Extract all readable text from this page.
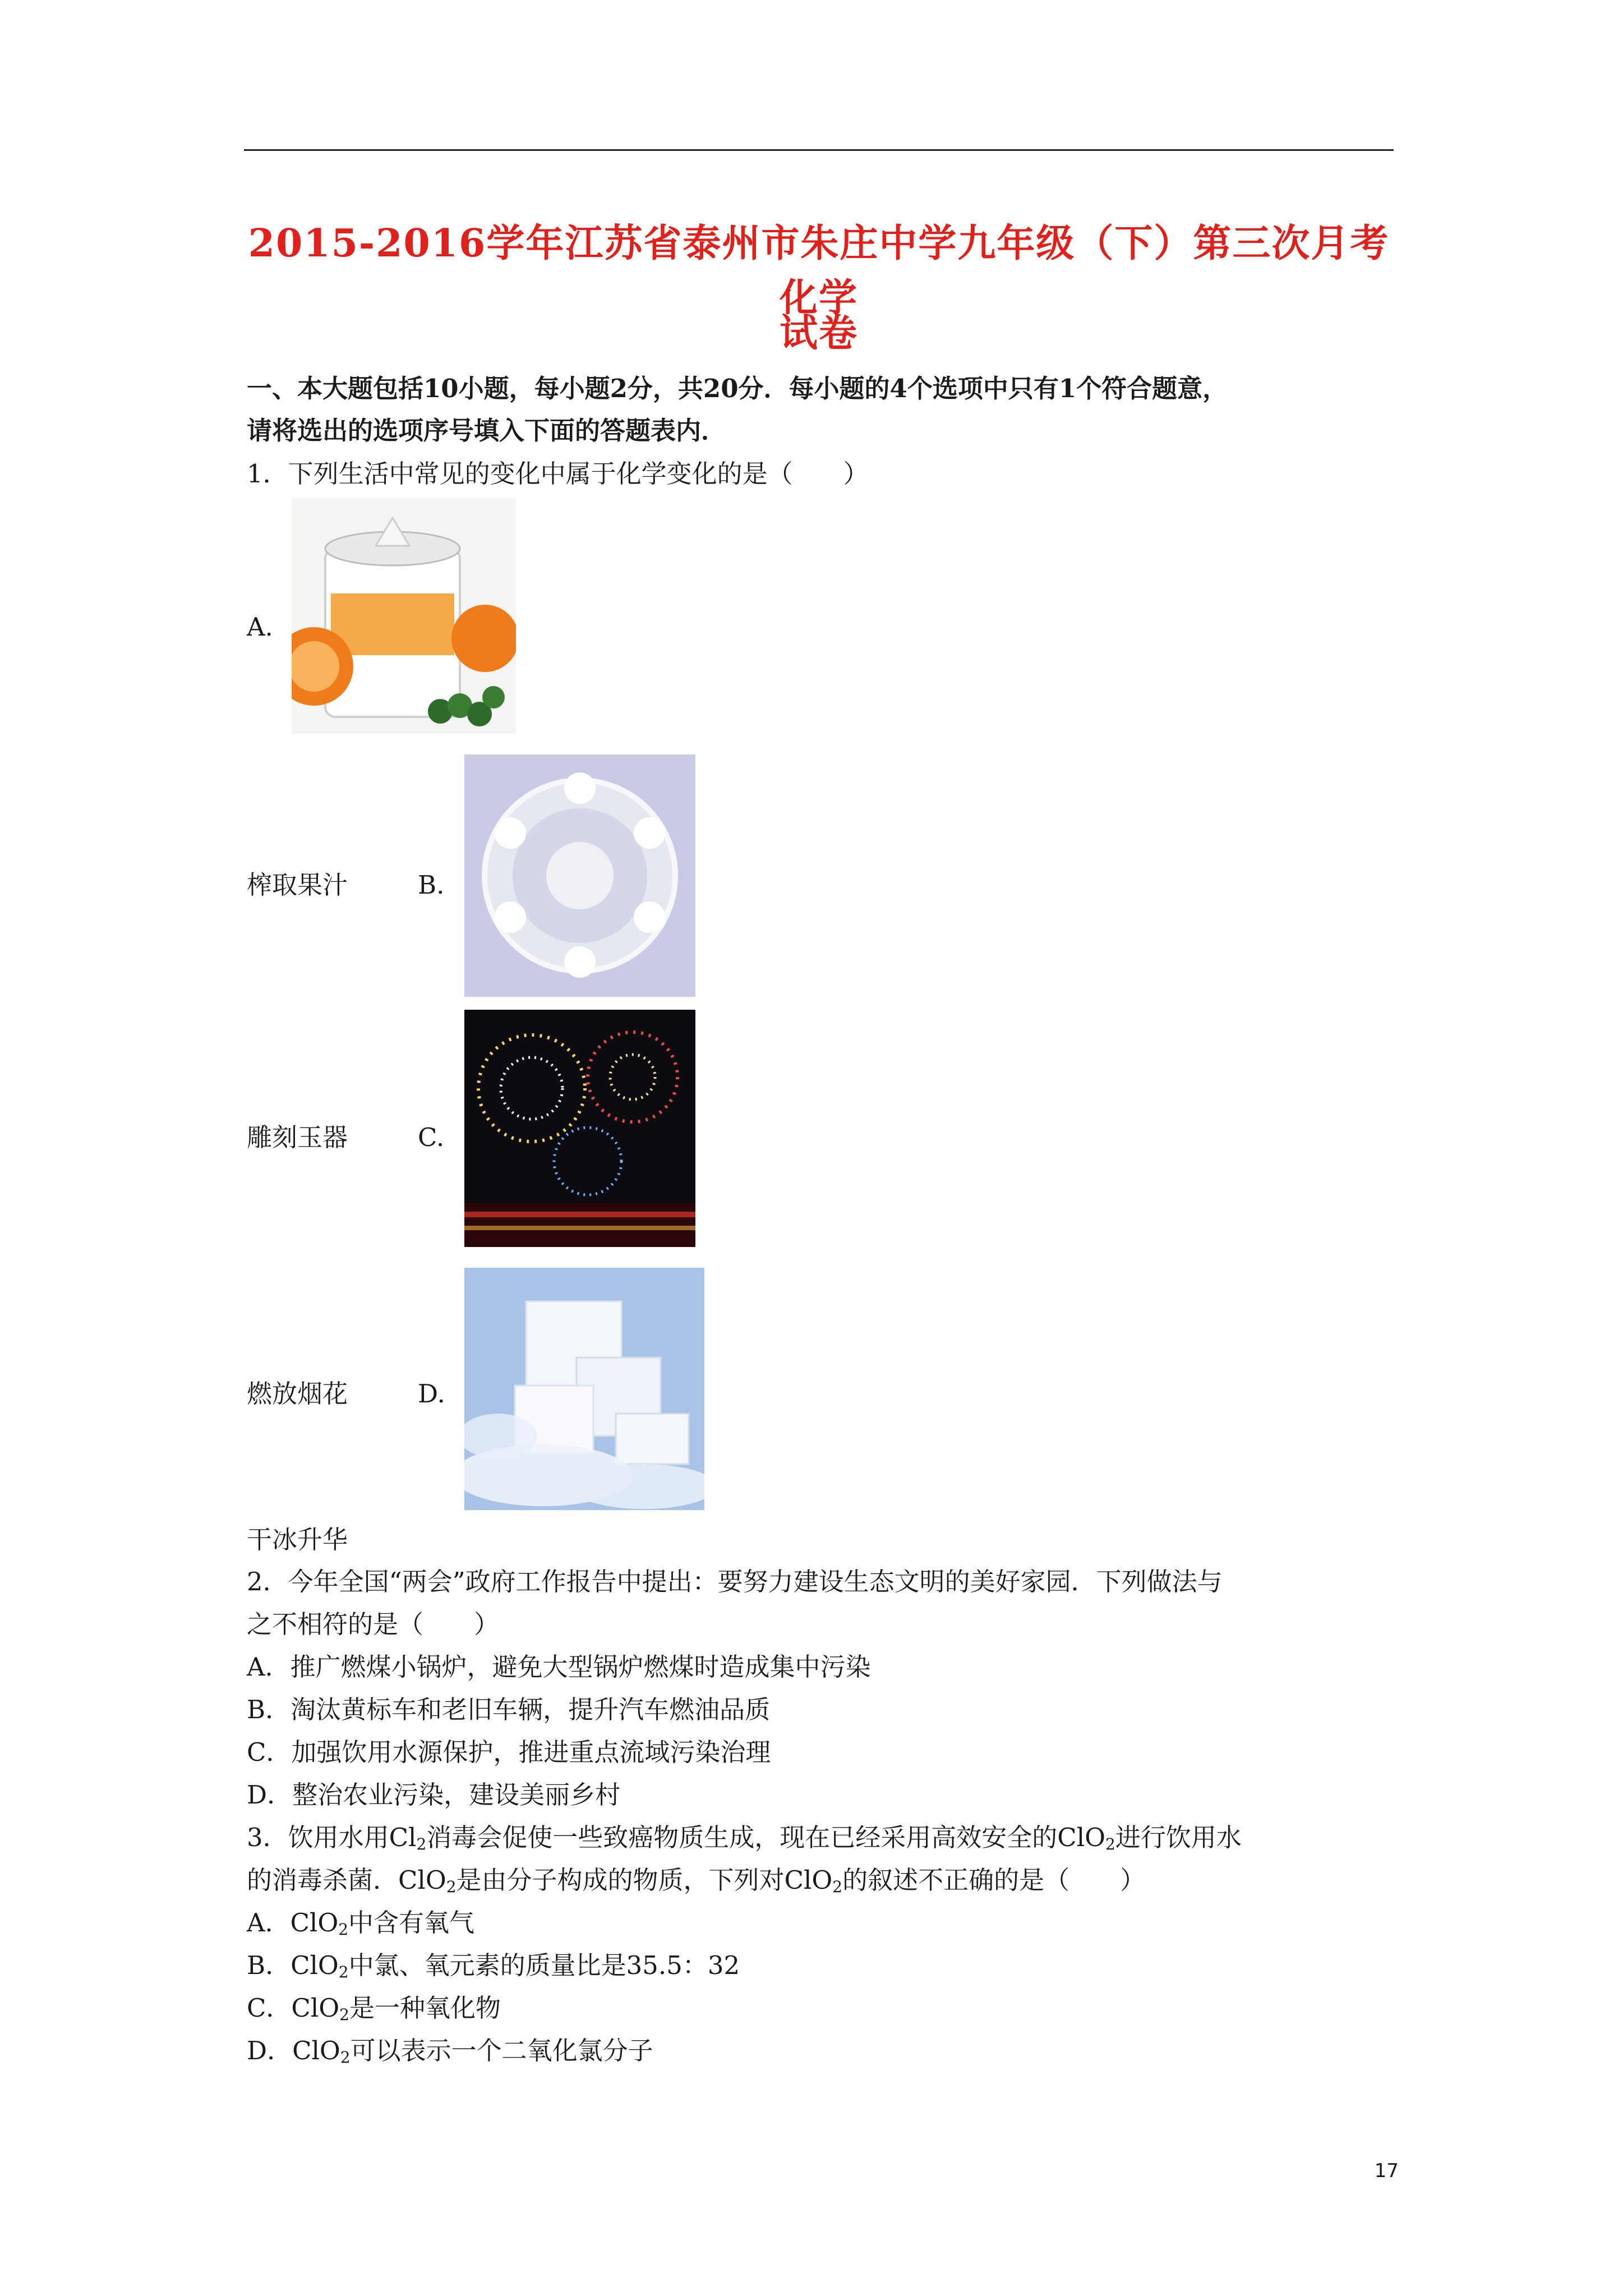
2015-2016学年江苏省泰州市朱庄中学九年级（下）第三次月考化学
试卷
一、本大题包括10小题，每小题2分，共20分．每小题的4个选项中只有1个符合题意，
请将选出的选项序号填入下面的答题表内．
1．下列生活中常见的变化中属于化学变化的是（　　）
A.
榨取果汁	B.
雕刻玉器	C.
燃放烟花	D.
干冰升华
2．今年全国“两会”政府工作报告中提出：要努力建设生态文明的美好家园．下列做法与
之不相符的是（　　）
A．推广燃煤小锅炉，避免大型锅炉燃煤时造成集中污染
B．淘汰黄标车和老旧车辆，提升汽车燃油品质
C．加强饮用水源保护，推进重点流域污染治理
D．整治农业污染，建设美丽乡村
3．饮用水用$Cl_2$消毒会促使一些致癌物质生成，现在已经采用高效安全的ClO$_2$进行饮用水
的消毒杀菌．ClO$_2$是由分子构成的物质，下列对ClO$_2$的叙述不正确的是（　　）
A．ClO$_2$中含有氧气
B．ClO$_2$中氯、氧元素的质量比是35.5：32
C．ClO$_2$是一种氧化物
D．ClO$_2$可以表示一个二氧化氯分子
17
